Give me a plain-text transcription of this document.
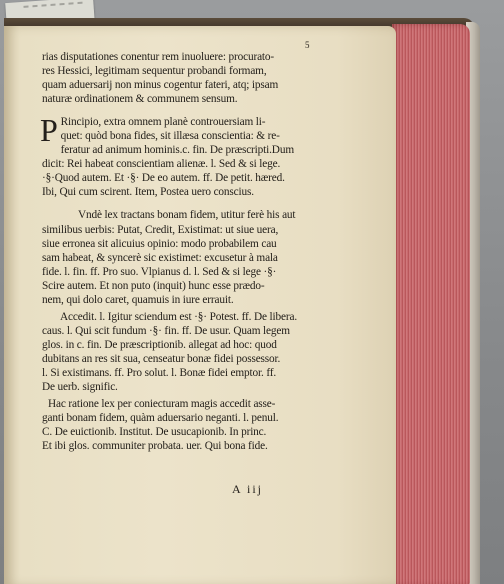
5
rias disputationes conentur rem inuoluere: procurato-
res Hessici, legitimam sequentur probandi formam,
quam aduersarij non minus cogentur fateri, atq; ipsam
naturæ ordinationem & communem sensum.
P Rincipio, extra omnem planè controuersiam li-
quet: quòd bona fides, sit illæsa conscientia: & re-
feratur ad animum hominis.c. fin. De præscripti.Dum
dicit: Rei habeat conscientiam alienæ. l. Sed & si lege.
·§·Quod autem. Et ·§· De eo autem. ff. De petit. hæred.
Ibi, Qui cum scirent. Item, Postea uero conscius.
Vndè lex tractans bonam fidem, utitur ferè his aut
similibus uerbis: Putat, Credit, Existimat: ut siue uera,
siue erronea sit alicuius opinio: modo probabilem cau
sam habeat, & syncerè sic existimet: excusetur à mala
fide. l. fin. ff. Pro suo. Vlpianus d. l. Sed & si lege ·§·
Scire autem. Et non puto (inquit) hunc esse prædo-
nem, qui dolo caret, quamuis in iure errauit.
Accedit. l. Igitur sciendum est ·§· Potest. ff. De libera.
caus. l. Qui scit fundum ·§· fin. ff. De usur. Quam legem
glos. in c. fin. De præscriptionib. allegat ad hoc: quod
dubitans an res sit sua, censeatur bonæ fidei possessor.
l. Si existimans. ff. Pro solut. l. Bonæ fidei emptor. ff.
De uerb. signific.
Hac ratione lex per coniecturam magis accedit asse-
ganti bonam fidem, quàm aduersario neganti. l. penul.
C. De euictionib. Institut. De usucapionib. In princ.
Et ibi glos. communiter probata. uer. Qui bona fide.
A iij
